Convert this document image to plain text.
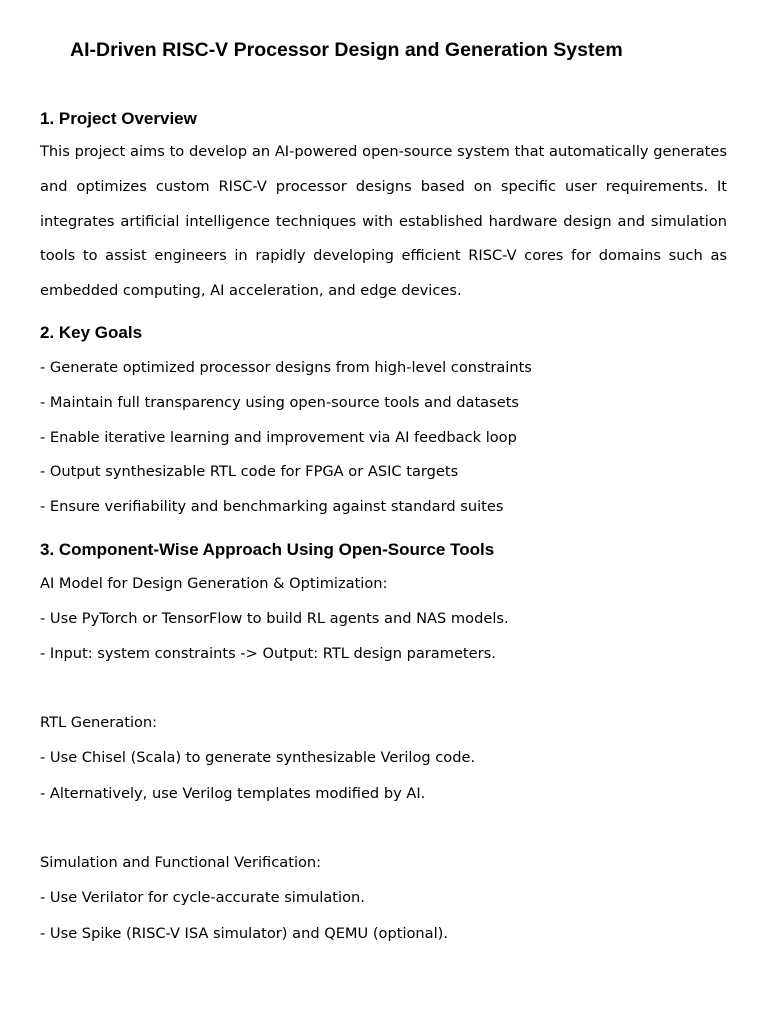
AI-Driven RISC-V Processor Design and Generation System
1. Project Overview

This project aims to develop an AI-powered open-source system that automatically generates and optimizes custom RISC-V processor designs based on specific user requirements. It integrates artificial intelligence techniques with established hardware design and simulation tools to assist engineers in rapidly developing efficient RISC-V cores for domains such as embedded computing, AI acceleration, and edge devices.

2. Key Goals
- Generate optimized processor designs from high-level constraints
- Maintain full transparency using open-source tools and datasets
- Enable iterative learning and improvement via AI feedback loop
- Output synthesizable RTL code for FPGA or ASIC targets
- Ensure verifiability and benchmarking against standard suites
3. Component-Wise Approach Using Open-Source Tools
AI Model for Design Generation & Optimization:
- Use PyTorch or TensorFlow to build RL agents and NAS models.
- Input: system constraints -> Output: RTL design parameters.
RTL Generation:
- Use Chisel (Scala) to generate synthesizable Verilog code.
- Alternatively, use Verilog templates modified by AI.
Simulation and Functional Verification:
- Use Verilator for cycle-accurate simulation.
- Use Spike (RISC-V ISA simulator) and QEMU (optional).
